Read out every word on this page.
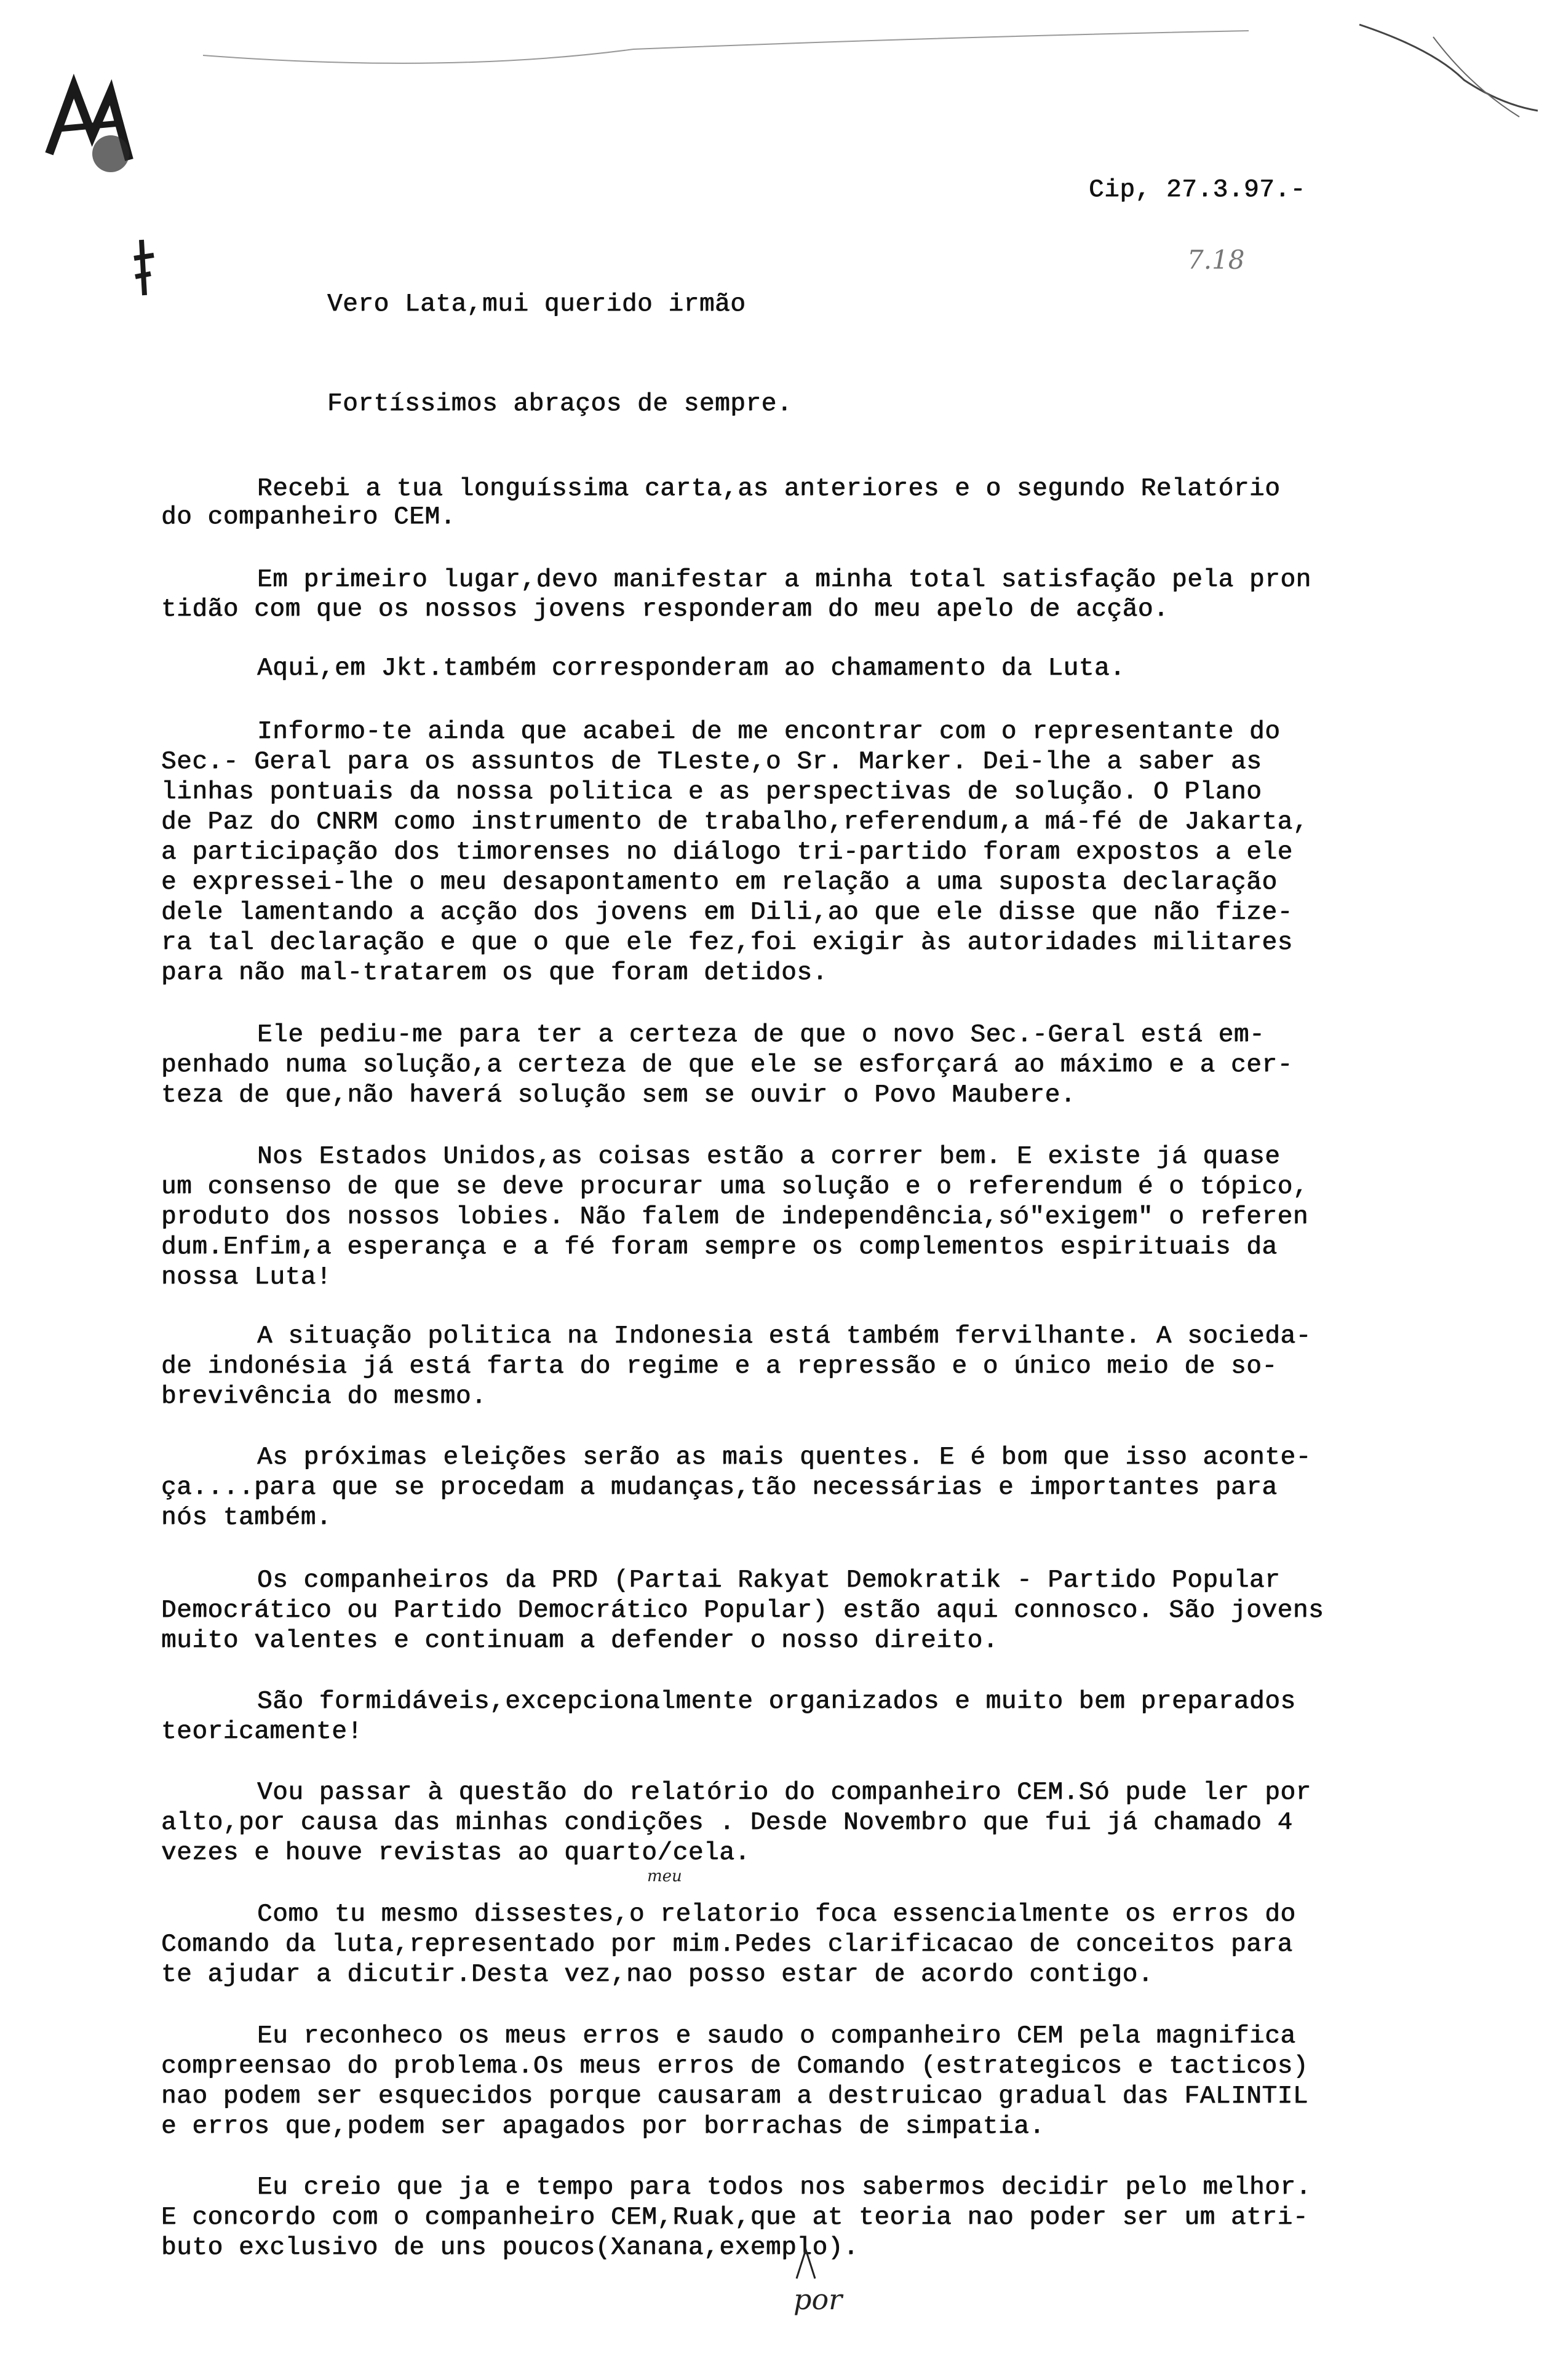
Cip, 27.3.97.-
7.18
Vero Lata,mui querido irmão
Fortíssimos abraços de sempre.
Recebi a tua longuíssima carta,as anteriores e o segundo Relatório
do companheiro CEM.
Em primeiro lugar,devo manifestar a minha total satisfação pela pron
tidão com que os nossos jovens responderam do meu apelo de acção.
Aqui,em Jkt.também corresponderam ao chamamento da Luta.
Informo-te ainda que acabei de me encontrar com o representante do
Sec.- Geral para os assuntos de TLeste,o Sr. Marker. Dei-lhe a saber as
linhas pontuais da nossa politica e as perspectivas de solução. O Plano
de Paz do CNRM como instrumento de trabalho,referendum,a má-fé de Jakarta,
a participação dos timorenses no diálogo tri-partido foram expostos a ele
e expressei-lhe o meu desapontamento em relação a uma suposta declaração
dele lamentando a acção dos jovens em Dili,ao que ele disse que não fize-
ra tal declaração e que o que ele fez,foi exigir às autoridades militares
para não mal-tratarem os que foram detidos.
Ele pediu-me para ter a certeza de que o novo Sec.-Geral está em-
penhado numa solução,a certeza de que ele se esforçará ao máximo e a cer-
teza de que,não haverá solução sem se ouvir o Povo Maubere.
Nos Estados Unidos,as coisas estão a correr bem. E existe já quase
um consenso de que se deve procurar uma solução e o referendum é o tópico,
produto dos nossos lobies. Não falem de independência,só"exigem" o referen
dum.Enfim,a esperança e a fé foram sempre os complementos espirituais da
nossa Luta!
A situação politica na Indonesia está também fervilhante. A socieda-
de indonésia já está farta do regime e a repressão e o único meio de so-
brevivência do mesmo.
As próximas eleições serão as mais quentes. E é bom que isso aconte-
ça....para que se procedam a mudanças,tão necessárias e importantes para
nós também.
Os companheiros da PRD (Partai Rakyat Demokratik - Partido Popular
Democrático ou Partido Democrático Popular) estão aqui connosco. São jovens
muito valentes e continuam a defender o nosso direito.
São formidáveis,excepcionalmente organizados e muito bem preparados
teoricamente!
Vou passar à questão do relatório do companheiro CEM.Só pude ler por
alto,por causa das minhas condições . Desde Novembro que fui já chamado 4
vezes e houve revistas ao quarto/cela.
meu
Como tu mesmo dissestes,o relatorio foca essencialmente os erros do
Comando da luta,representado por mim.Pedes clarificacao de conceitos para
te ajudar a dicutir.Desta vez,nao posso estar de acordo contigo.
Eu reconheco os meus erros e saudo o companheiro CEM pela magnifica
compreensao do problema.Os meus erros de Comando (estrategicos e tacticos)
nao podem ser esquecidos porque causaram a destruicao gradual das FALINTIL
e erros que,podem ser apagados por borrachas de simpatia.
Eu creio que ja e tempo para todos nos sabermos decidir pelo melhor.
E concordo com o companheiro CEM,Ruak,que at teoria nao poder ser um atri-
buto exclusivo de uns poucos(Xanana,exemplo).
por
